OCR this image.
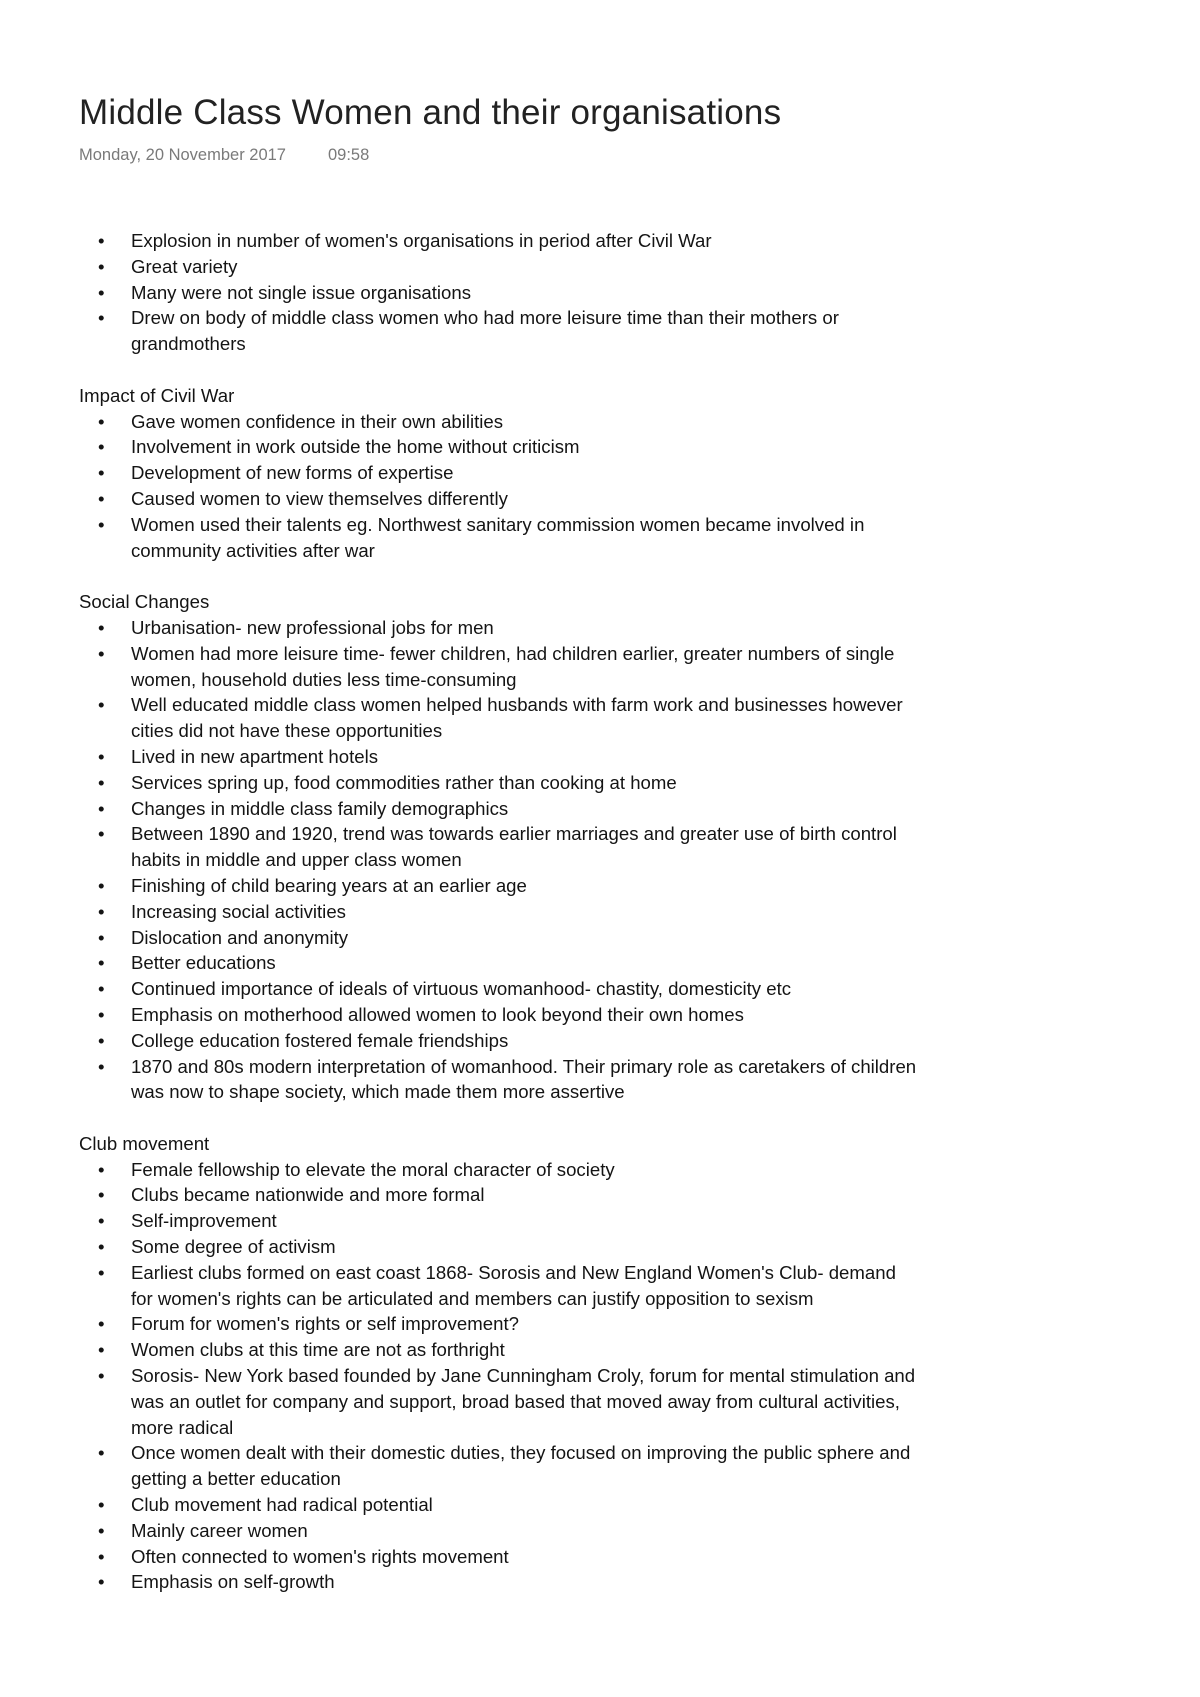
Middle Class Women and their organisations
Monday, 20 November 2017	09:58
• Explosion in number of women's organisations in period after Civil War
• Great variety
• Many were not single issue organisations
• Drew on body of middle class women who had more leisure time than their mothers or grandmothers
Impact of Civil War
• Gave women confidence in their own abilities
• Involvement in work outside the home without criticism
• Development of new forms of expertise
• Caused women to view themselves differently
• Women used their talents eg. Northwest sanitary commission women became involved in community activities after war
Social Changes
• Urbanisation- new professional jobs for men
• Women had more leisure time- fewer children, had children earlier, greater numbers of single women, household duties less time-consuming
• Well educated middle class women helped husbands with farm work and businesses however cities did not have these opportunities
• Lived in new apartment hotels
• Services spring up, food commodities rather than cooking at home
• Changes in middle class family demographics
• Between 1890 and 1920, trend was towards earlier marriages and greater use of birth control habits in middle and upper class women
• Finishing of child bearing years at an earlier age
• Increasing social activities
• Dislocation and anonymity
• Better educations
• Continued importance of ideals of virtuous womanhood- chastity, domesticity etc
• Emphasis on motherhood allowed women to look beyond their own homes
• College education fostered female friendships
• 1870 and 80s modern interpretation of womanhood. Their primary role as caretakers of children was now to shape society, which made them more assertive
Club movement
• Female fellowship to elevate the moral character of society
• Clubs became nationwide and more formal
• Self-improvement
• Some degree of activism
• Earliest clubs formed on east coast 1868- Sorosis and New England Women's Club- demand for women's rights can be articulated and members can justify opposition to sexism
• Forum for women's rights or self improvement?
• Women clubs at this time are not as forthright
• Sorosis- New York based founded by Jane Cunningham Croly, forum for mental stimulation and was an outlet for company and support, broad based that moved away from cultural activities, more radical
• Once women dealt with their domestic duties, they focused on improving the public sphere and getting a better education
• Club movement had radical potential
• Mainly career women
• Often connected to women's rights movement
• Emphasis on self-growth
